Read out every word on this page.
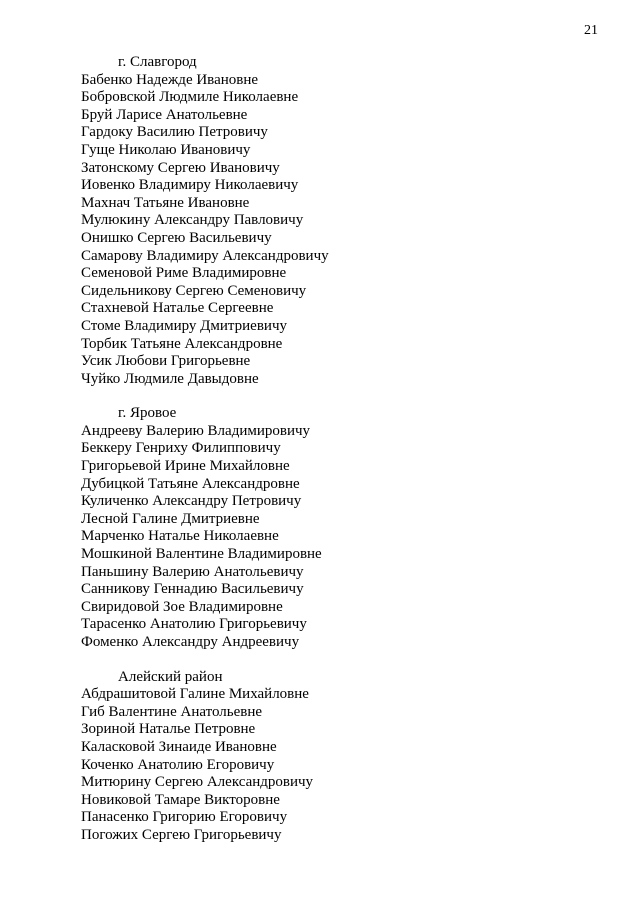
21
г. Славгород
Бабенко Надежде Ивановне
Бобровской Людмиле Николаевне
Бруй Ларисе Анатольевне
Гардоку Василию Петровичу
Гуще Николаю Ивановичу
Затонскому Сергею Ивановичу
Иовенко Владимиру Николаевичу
Махнач Татьяне Ивановне
Мулюкину Александру Павловичу
Онишко Сергею Васильевичу
Самарову Владимиру Александровичу
Семеновой Риме Владимировне
Сидельникову Сергею Семеновичу
Стахневой Наталье Сергеевне
Стоме Владимиру Дмитриевичу
Торбик Татьяне Александровне
Усик Любови Григорьевне
Чуйко Людмиле Давыдовне
г. Яровое
Андрееву Валерию Владимировичу
Беккеру Генриху Филипповичу
Григорьевой Ирине Михайловне
Дубицкой Татьяне Александровне
Куличенко Александру Петровичу
Лесной Галине Дмитриевне
Марченко Наталье Николаевне
Мошкиной Валентине Владимировне
Паньшину Валерию Анатольевичу
Санникову Геннадию Васильевичу
Свиридовой Зое Владимировне
Тарасенко Анатолию Григорьевичу
Фоменко Александру Андреевичу
Алейский район
Абдрашитовой Галине Михайловне
Гиб Валентине Анатольевне
Зориной Наталье Петровне
Каласковой Зинаиде Ивановне
Коченко Анатолию Егоровичу
Митюрину Сергею Александровичу
Новиковой Тамаре Викторовне
Панасенко Григорию Егоровичу
Погожих Сергею Григорьевичу
